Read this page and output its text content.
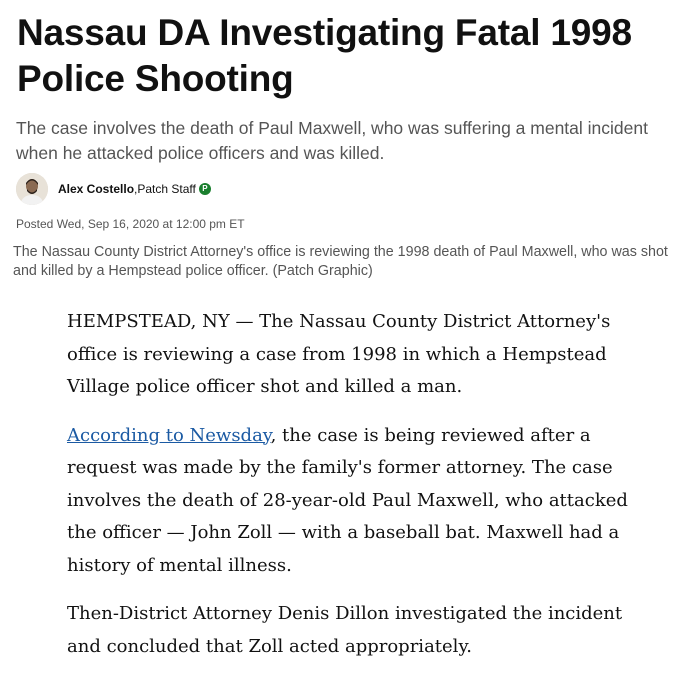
Nassau DA Investigating Fatal 1998 Police Shooting

The case involves the death of Paul Maxwell, who was suffering a mental incident when he attacked police officers and was killed.

Alex Costello ,Patch Staff P

Posted Wed, Sep 16, 2020 at 12:00 pm ET

The Nassau County District Attorney's office is reviewing the 1998 death of Paul Maxwell, who was shot and killed by a Hempstead police officer. (Patch Graphic)

HEMPSTEAD, NY — The Nassau County District Attorney's office is reviewing a case from 1998 in which a Hempstead Village police officer shot and killed a man.

According to Newsday, the case is being reviewed after a request was made by the family's former attorney. The case involves the death of 28-year-old Paul Maxwell, who attacked the officer — John Zoll — with a baseball bat. Maxwell had a history of mental illness.

Then-District Attorney Denis Dillon investigated the incident and concluded that Zoll acted appropriately.
